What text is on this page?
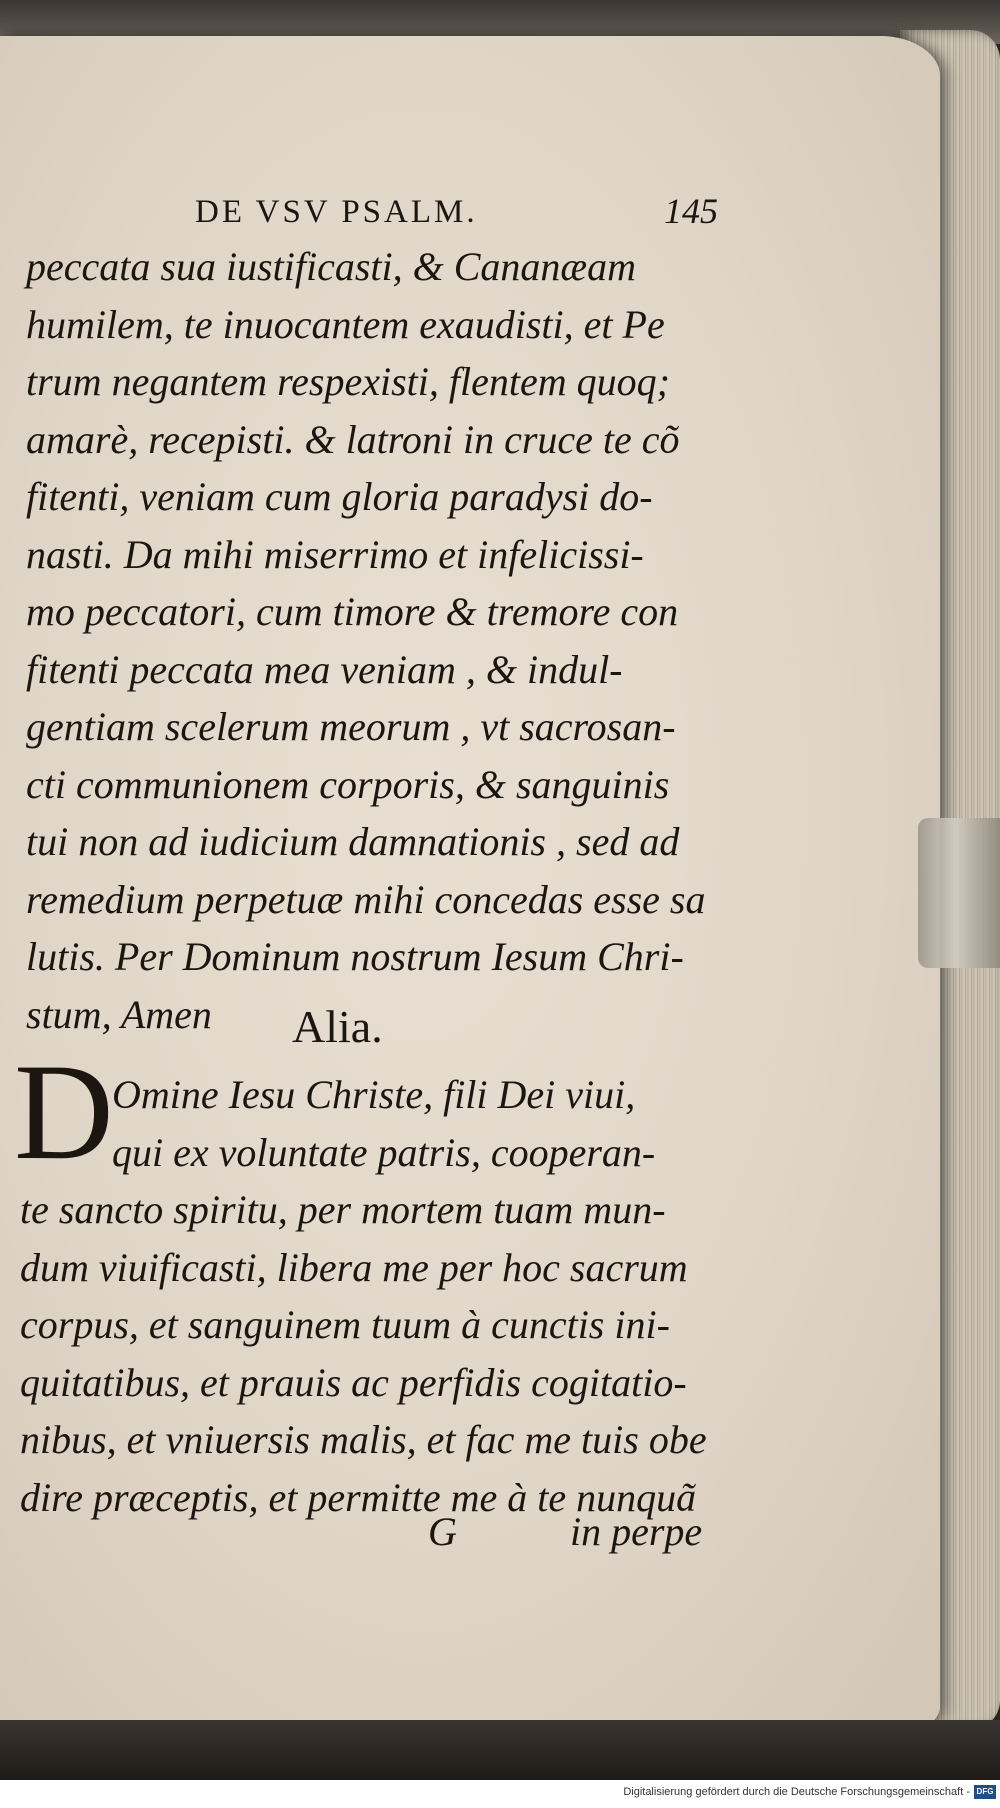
DE VSV PSALM.	145
peccata sua iustificasti, & Cananæam
humilem, te inuocantem exaudisti, et Pe
trum negantem respexisti, flentem quoq;
amarè, recepisti. & latroni in cruce te cõ
fitenti, veniam cum gloria paradysi do-
nasti. Da mihi miserrimo et infelicissi-
mo peccatori, cum timore & tremore con
fitenti peccata mea veniam , & indul-
gentiam scelerum meorum , vt sacrosan-
cti communionem corporis, & sanguinis
tui non ad iudicium damnationis , sed ad
remedium perpetuæ mihi concedas esse sa
lutis. Per Dominum nostrum Iesum Chri-
stum, Amen	Alia.
D
Omine Iesu Christe, fili Dei viui,
qui ex voluntate patris, cooperan-
te sancto spiritu, per mortem tuam mun-
dum viuificasti, libera me per hoc sacrum
corpus, et sanguinem tuum à cunctis ini-
quitatibus, et prauis ac perfidis cogitatio-
nibus, et vniuersis malis, et fac me tuis obe
dire præceptis, et permitte me à te nunquã
G	in perpe
Digitalisierung gefördert durch die Deutsche Forschungsgemeinschaft - DFG
